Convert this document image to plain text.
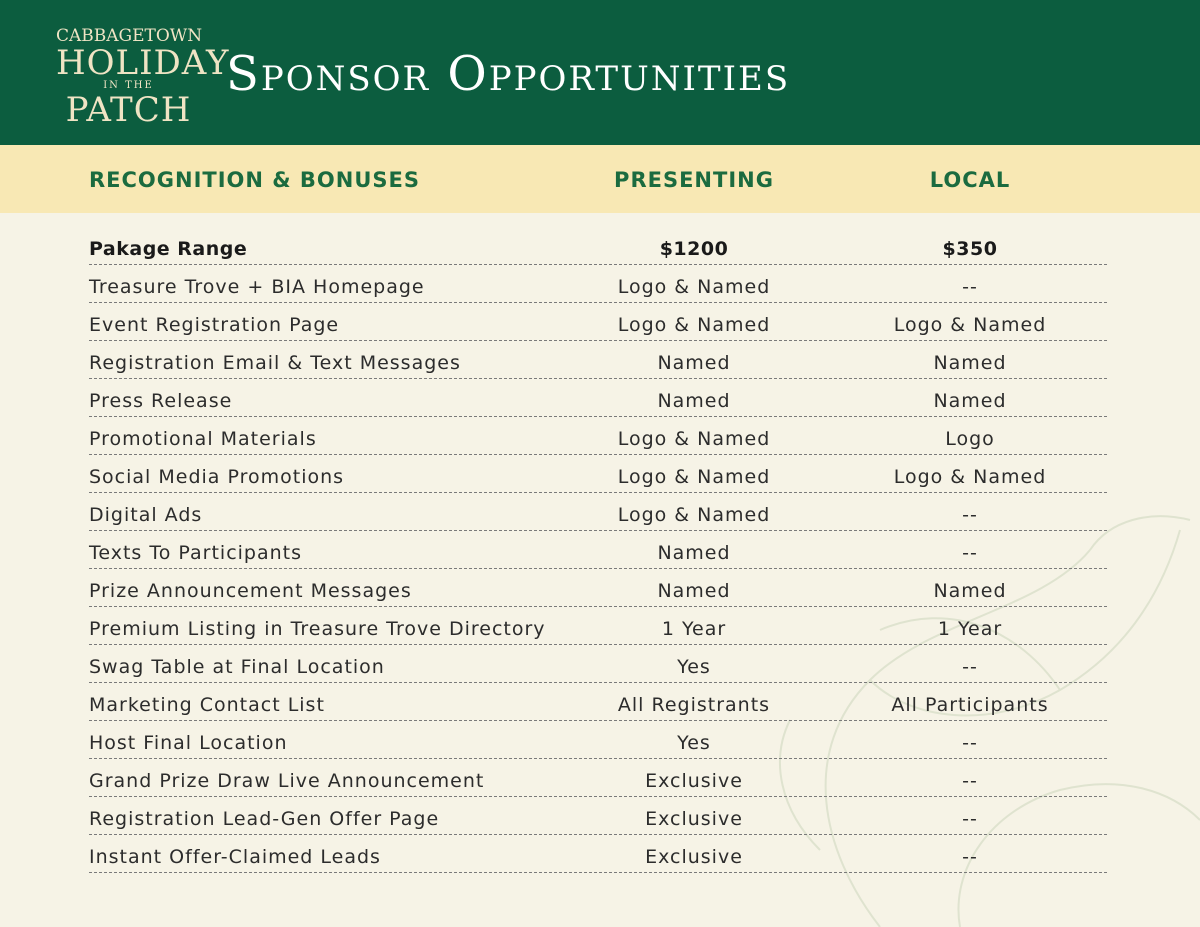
CABBAGETOWN
HOLIDAY
IN THE
PATCH
Sponsor Opportunities
RECOGNITION & BONUSES	PRESENTING	LOCAL
Pakage Range	$1200	$350
Treasure Trove + BIA Homepage	Logo & Named	--
Event Registration Page	Logo & Named	Logo & Named
Registration Email & Text Messages	Named	Named
Press Release	Named	Named
Promotional Materials	Logo & Named	Logo
Social Media Promotions	Logo & Named	Logo & Named
Digital Ads	Logo & Named	--
Texts To Participants	Named	--
Prize Announcement Messages	Named	Named
Premium Listing in Treasure Trove Directory	1 Year	1 Year
Swag Table at Final Location	Yes	--
Marketing Contact List	All Registrants	All Participants
Host Final Location	Yes	--
Grand Prize Draw Live Announcement	Exclusive	--
Registration Lead-Gen Offer Page	Exclusive	--
Instant Offer-Claimed Leads	Exclusive	--
